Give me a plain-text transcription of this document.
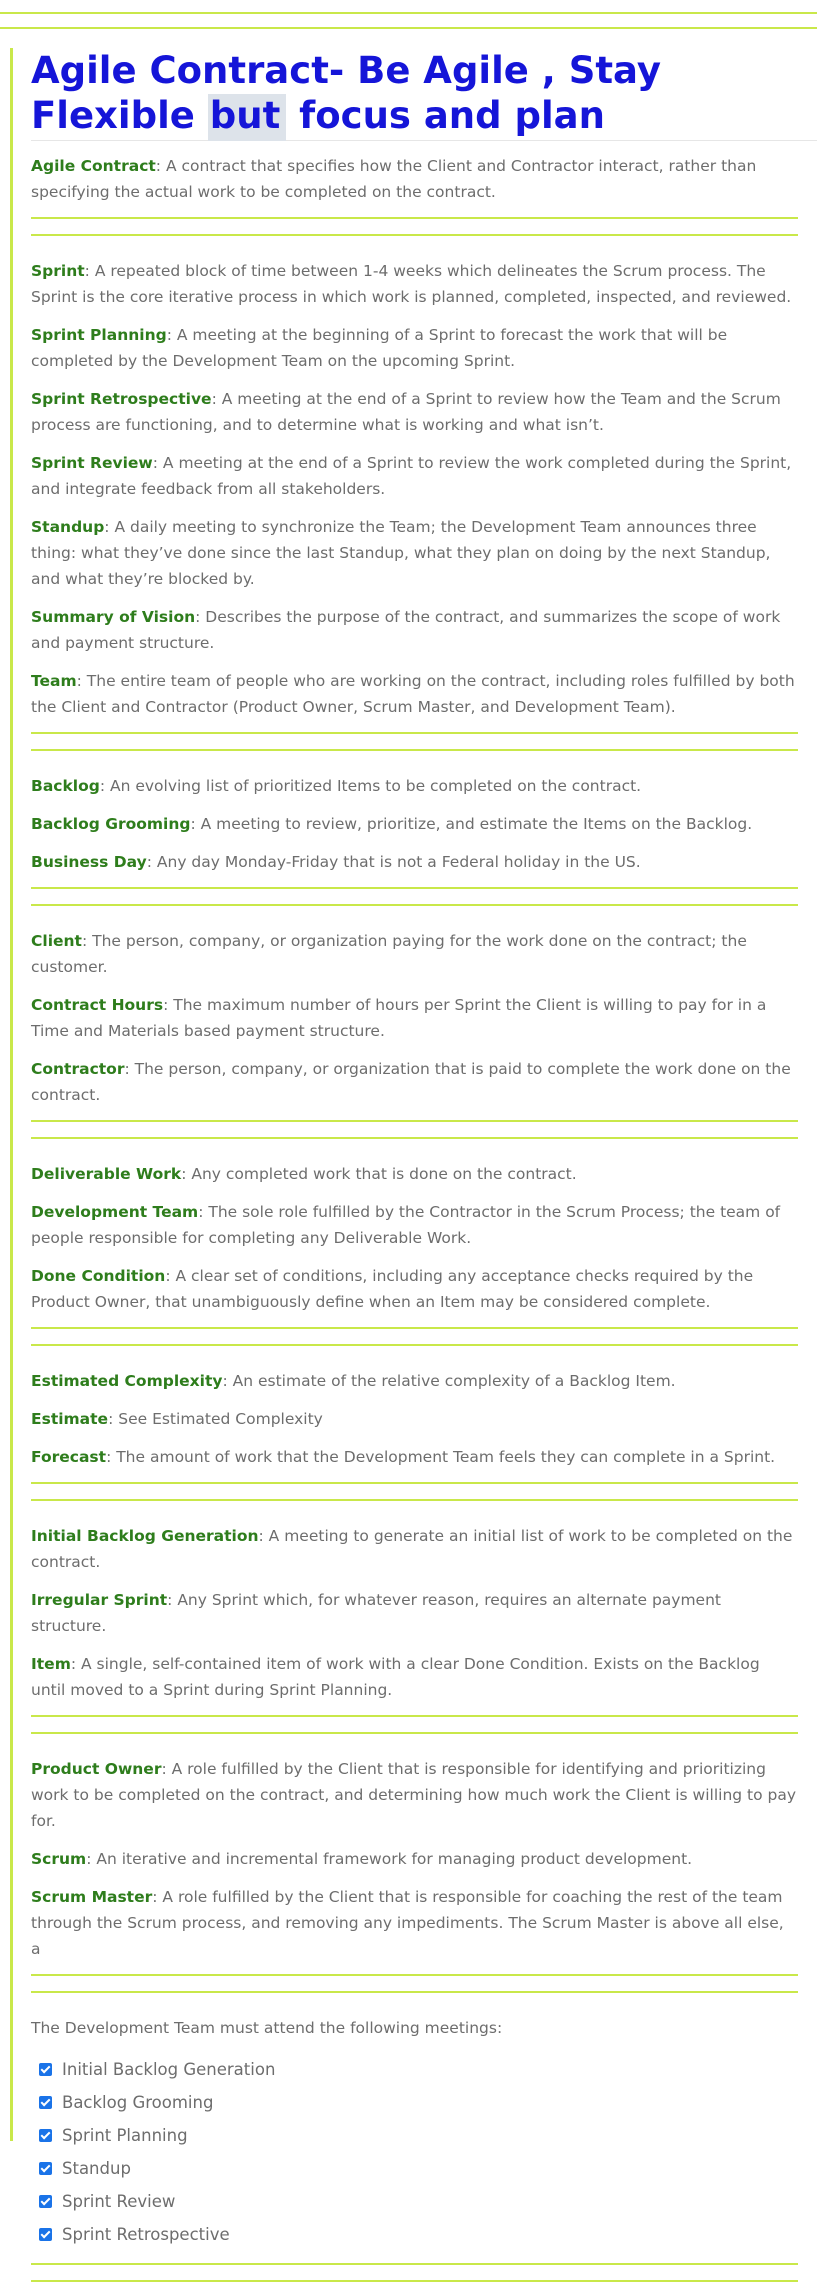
Agile Contract- Be Agile , Stay Flexible but focus and plan

Agile Contract: A contract that specifies how the Client and Contractor interact, rather than specifying the actual work to be completed on the contract.

Sprint: A repeated block of time between 1-4 weeks which delineates the Scrum process. The Sprint is the core iterative process in which work is planned, completed, inspected, and reviewed.

Sprint Planning: A meeting at the beginning of a Sprint to forecast the work that will be completed by the Development Team on the upcoming Sprint.

Sprint Retrospective: A meeting at the end of a Sprint to review how the Team and the Scrum process are functioning, and to determine what is working and what isn’t.

Sprint Review: A meeting at the end of a Sprint to review the work completed during the Sprint, and integrate feedback from all stakeholders.

Standup: A daily meeting to synchronize the Team; the Development Team announces three thing: what they’ve done since the last Standup, what they plan on doing by the next Standup, and what they’re blocked by.

Summary of Vision: Describes the purpose of the contract, and summarizes the scope of work and payment structure.

Team: The entire team of people who are working on the contract, including roles fulfilled by both the Client and Contractor (Product Owner, Scrum Master, and Development Team).

Backlog: An evolving list of prioritized Items to be completed on the contract.

Backlog Grooming: A meeting to review, prioritize, and estimate the Items on the Backlog.

Business Day: Any day Monday-Friday that is not a Federal holiday in the US.

Client: The person, company, or organization paying for the work done on the contract; the customer.

Contract Hours: The maximum number of hours per Sprint the Client is willing to pay for in a Time and Materials based payment structure.

Contractor: The person, company, or organization that is paid to complete the work done on the contract.

Deliverable Work: Any completed work that is done on the contract.

Development Team: The sole role fulfilled by the Contractor in the Scrum Process; the team of people responsible for completing any Deliverable Work.

Done Condition: A clear set of conditions, including any acceptance checks required by the Product Owner, that unambiguously define when an Item may be considered complete.

Estimated Complexity: An estimate of the relative complexity of a Backlog Item.

Estimate: See Estimated Complexity

Forecast: The amount of work that the Development Team feels they can complete in a Sprint.

Initial Backlog Generation: A meeting to generate an initial list of work to be completed on the contract.

Irregular Sprint: Any Sprint which, for whatever reason, requires an alternate payment structure.

Item: A single, self-contained item of work with a clear Done Condition. Exists on the Backlog until moved to a Sprint during Sprint Planning.

Product Owner: A role fulfilled by the Client that is responsible for identifying and prioritizing work to be completed on the contract, and determining how much work the Client is willing to pay for.

Scrum: An iterative and incremental framework for managing product development.

Scrum Master: A role fulfilled by the Client that is responsible for coaching the rest of the team through the Scrum process, and removing any impediments. The Scrum Master is above all else, a

The Development Team must attend the following meetings:

Initial Backlog Generation
Backlog Grooming
Sprint Planning
Standup
Sprint Review
Sprint Retrospective
